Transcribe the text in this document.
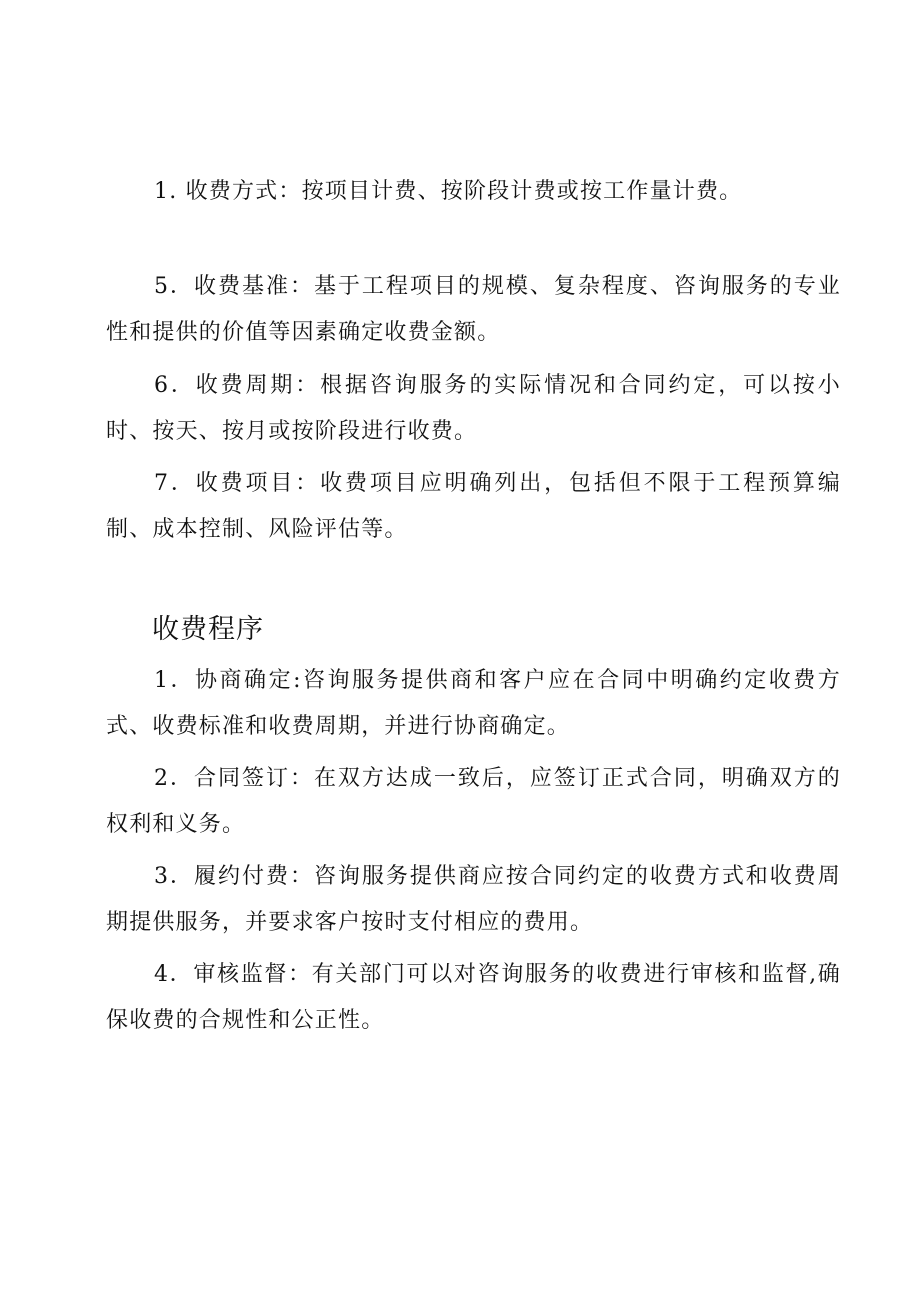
1. 收费方式：按项目计费、按阶段计费或按工作量计费。

5．收费基准：基于工程项目的规模、复杂程度、咨询服务的专业性和提供的价值等因素确定收费金额。

6．收费周期：根据咨询服务的实际情况和合同约定，可以按小时、按天、按月或按阶段进行收费。

7．收费项目：收费项目应明确列出，包括但不限于工程预算编制、成本控制、风险评估等。

收费程序

1．协商确定:咨询服务提供商和客户应在合同中明确约定收费方式、收费标准和收费周期，并进行协商确定。

2．合同签订：在双方达成一致后，应签订正式合同，明确双方的权利和义务。

3．履约付费：咨询服务提供商应按合同约定的收费方式和收费周期提供服务，并要求客户按时支付相应的费用。

4．审核监督：有关部门可以对咨询服务的收费进行审核和监督,确保收费的合规性和公正性。
